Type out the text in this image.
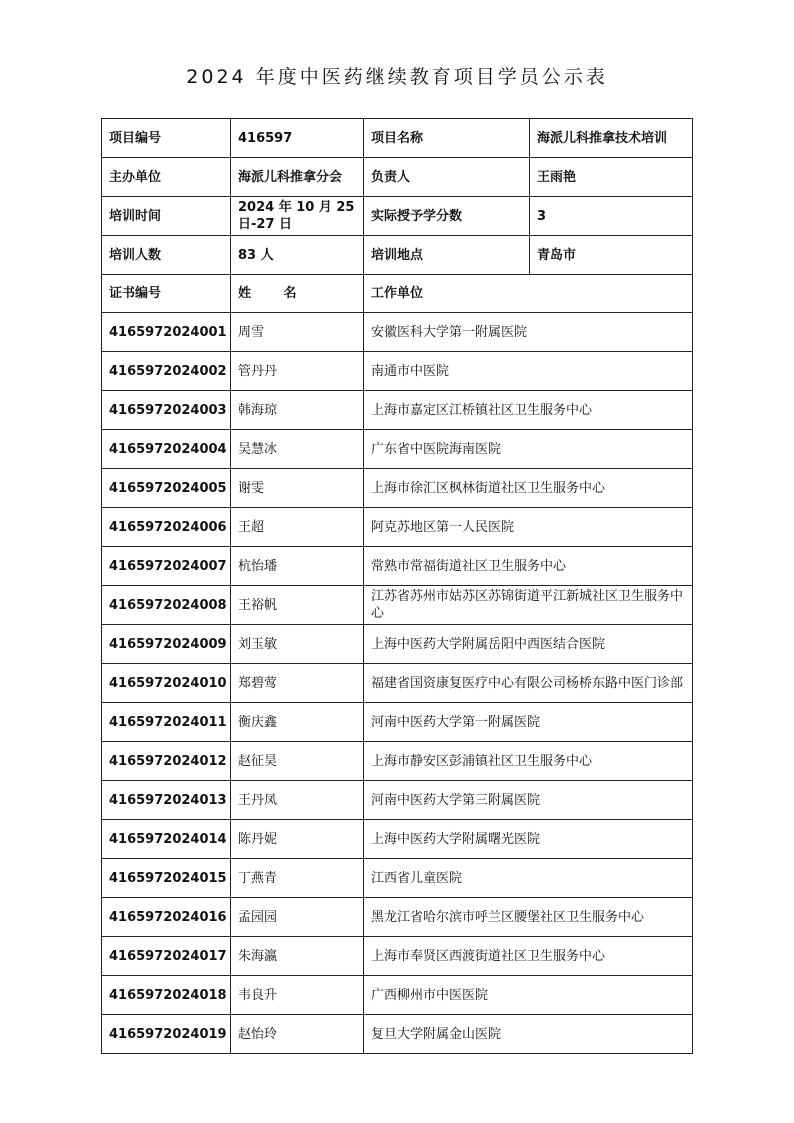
2024 年度中医药继续教育项目学员公示表
项目编号	416597	项目名称	海派儿科推拿技术培训
主办单位	海派儿科推拿分会	负责人	王雨艳
培训时间	2024 年 10 月 25 日-27 日	实际授予学分数	3
培训人数	83 人	培训地点	青岛市
证书编号	姓 名	工作单位	
4165972024001	周雪	安徽医科大学第一附属医院	
4165972024002	管丹丹	南通市中医院	
4165972024003	韩海琼	上海市嘉定区江桥镇社区卫生服务中心	
4165972024004	吴慧冰	广东省中医院海南医院	
4165972024005	谢雯	上海市徐汇区枫林街道社区卫生服务中心	
4165972024006	王超	阿克苏地区第一人民医院	
4165972024007	杭怡璠	常熟市常福街道社区卫生服务中心	
4165972024008	王裕帆	江苏省苏州市姑苏区苏锦街道平江新城社区卫生服务中心	
4165972024009	刘玉敏	上海中医药大学附属岳阳中西医结合医院	
4165972024010	郑碧莺	福建省国资康复医疗中心有限公司杨桥东路中医门诊部	
4165972024011	衡庆鑫	河南中医药大学第一附属医院	
4165972024012	赵征昊	上海市静安区彭浦镇社区卫生服务中心	
4165972024013	王丹凤	河南中医药大学第三附属医院	
4165972024014	陈丹妮	上海中医药大学附属曙光医院	
4165972024015	丁燕青	江西省儿童医院	
4165972024016	孟园园	黑龙江省哈尔滨市呼兰区腰堡社区卫生服务中心	
4165972024017	朱海瀛	上海市奉贤区西渡街道社区卫生服务中心	
4165972024018	韦良升	广西柳州市中医医院	
4165972024019	赵怡玲	复旦大学附属金山医院	
